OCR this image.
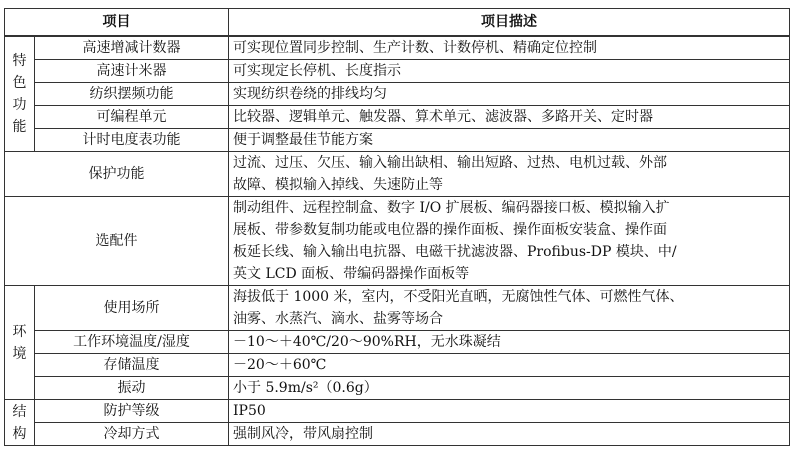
项目		项目描述

特
色
功
能	高速增减计数器	可实现位置同步控制、生产计数、计数停机、精确定位控制
	高速计米器	可实现定长停机、长度指示
	纺织摆频功能	实现纺织卷绕的排线均匀
	可编程单元	比较器、逻辑单元、触发器、算术单元、滤波器、多路开关、定时器
	计时电度表功能	便于调整最佳节能方案
保护功能		过流、过压、欠压、输入输出缺相、输出短路、过热、电机过载、外部
故障、模拟输入掉线、失速防止等

选配件		制动组件、远程控制盒、数字 I/O 扩展板、编码器接口板、模拟输入扩
展板、带参数复制功能或电位器的操作面板、操作面板安装盒、操作面
板延长线、输入输出电抗器、电磁干扰滤波器、Profibus-DP 模块、中/
英文 LCD 面板、带编码器操作面板等

环
境	使用场所	海拔低于 1000 米，室内，不受阳光直晒，无腐蚀性气体、可燃性气体、
油雾、水蒸汽、滴水、盐雾等场合

	工作环境温度/湿度	－10～＋40℃/20～90%RH，无水珠凝结
	存储温度	－20～＋60℃
	振动	小于 5.9m/s²（0.6g）

结
构	防护等级	IP50
	冷却方式	强制风冷，带风扇控制
